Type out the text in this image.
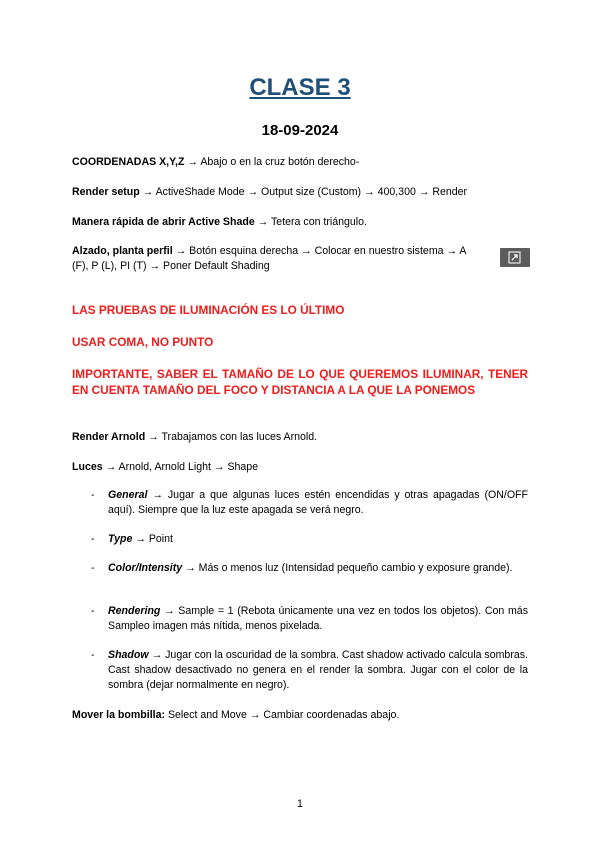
CLASE 3
18-09-2024
COORDENADAS X,Y,Z → Abajo o en la cruz botón derecho-
Render setup → ActiveShade Mode → Output size (Custom) → 400,300 → Render
Manera rápida de abrir Active Shade → Tetera con triángulo.
Alzado, planta perfil → Botón esquina derecha → Colocar en nuestro sistema → A
(F), P (L), PI (T) → Poner Default Shading
LAS PRUEBAS DE ILUMINACIÓN ES LO ÚLTIMO
USAR COMA, NO PUNTO
IMPORTANTE, SABER EL TAMAÑO DE LO QUE QUEREMOS ILUMINAR, TENER EN CUENTA TAMAÑO DEL FOCO Y DISTANCIA A LA QUE LA PONEMOS
Render Arnold → Trabajamos con las luces Arnold.
Luces → Arnold, Arnold Light → Shape
- General → Jugar a que algunas luces estén encendidas y otras apagadas (ON/OFF aquí). Siempre que la luz este apagada se verá negro.
- Type → Point
- Color/Intensity → Más o menos luz (Intensidad pequeño cambio y exposure grande).
- Rendering → Sample = 1 (Rebota únicamente una vez en todos los objetos). Con más Sampleo imagen más nítida, menos pixelada.
- Shadow → Jugar con la oscuridad de la sombra. Cast shadow activado calcula sombras. Cast shadow desactivado no genera en el render la sombra. Jugar con el color de la sombra (dejar normalmente en negro).
Mover la bombilla: Select and Move → Cambiar coordenadas abajo.
1
